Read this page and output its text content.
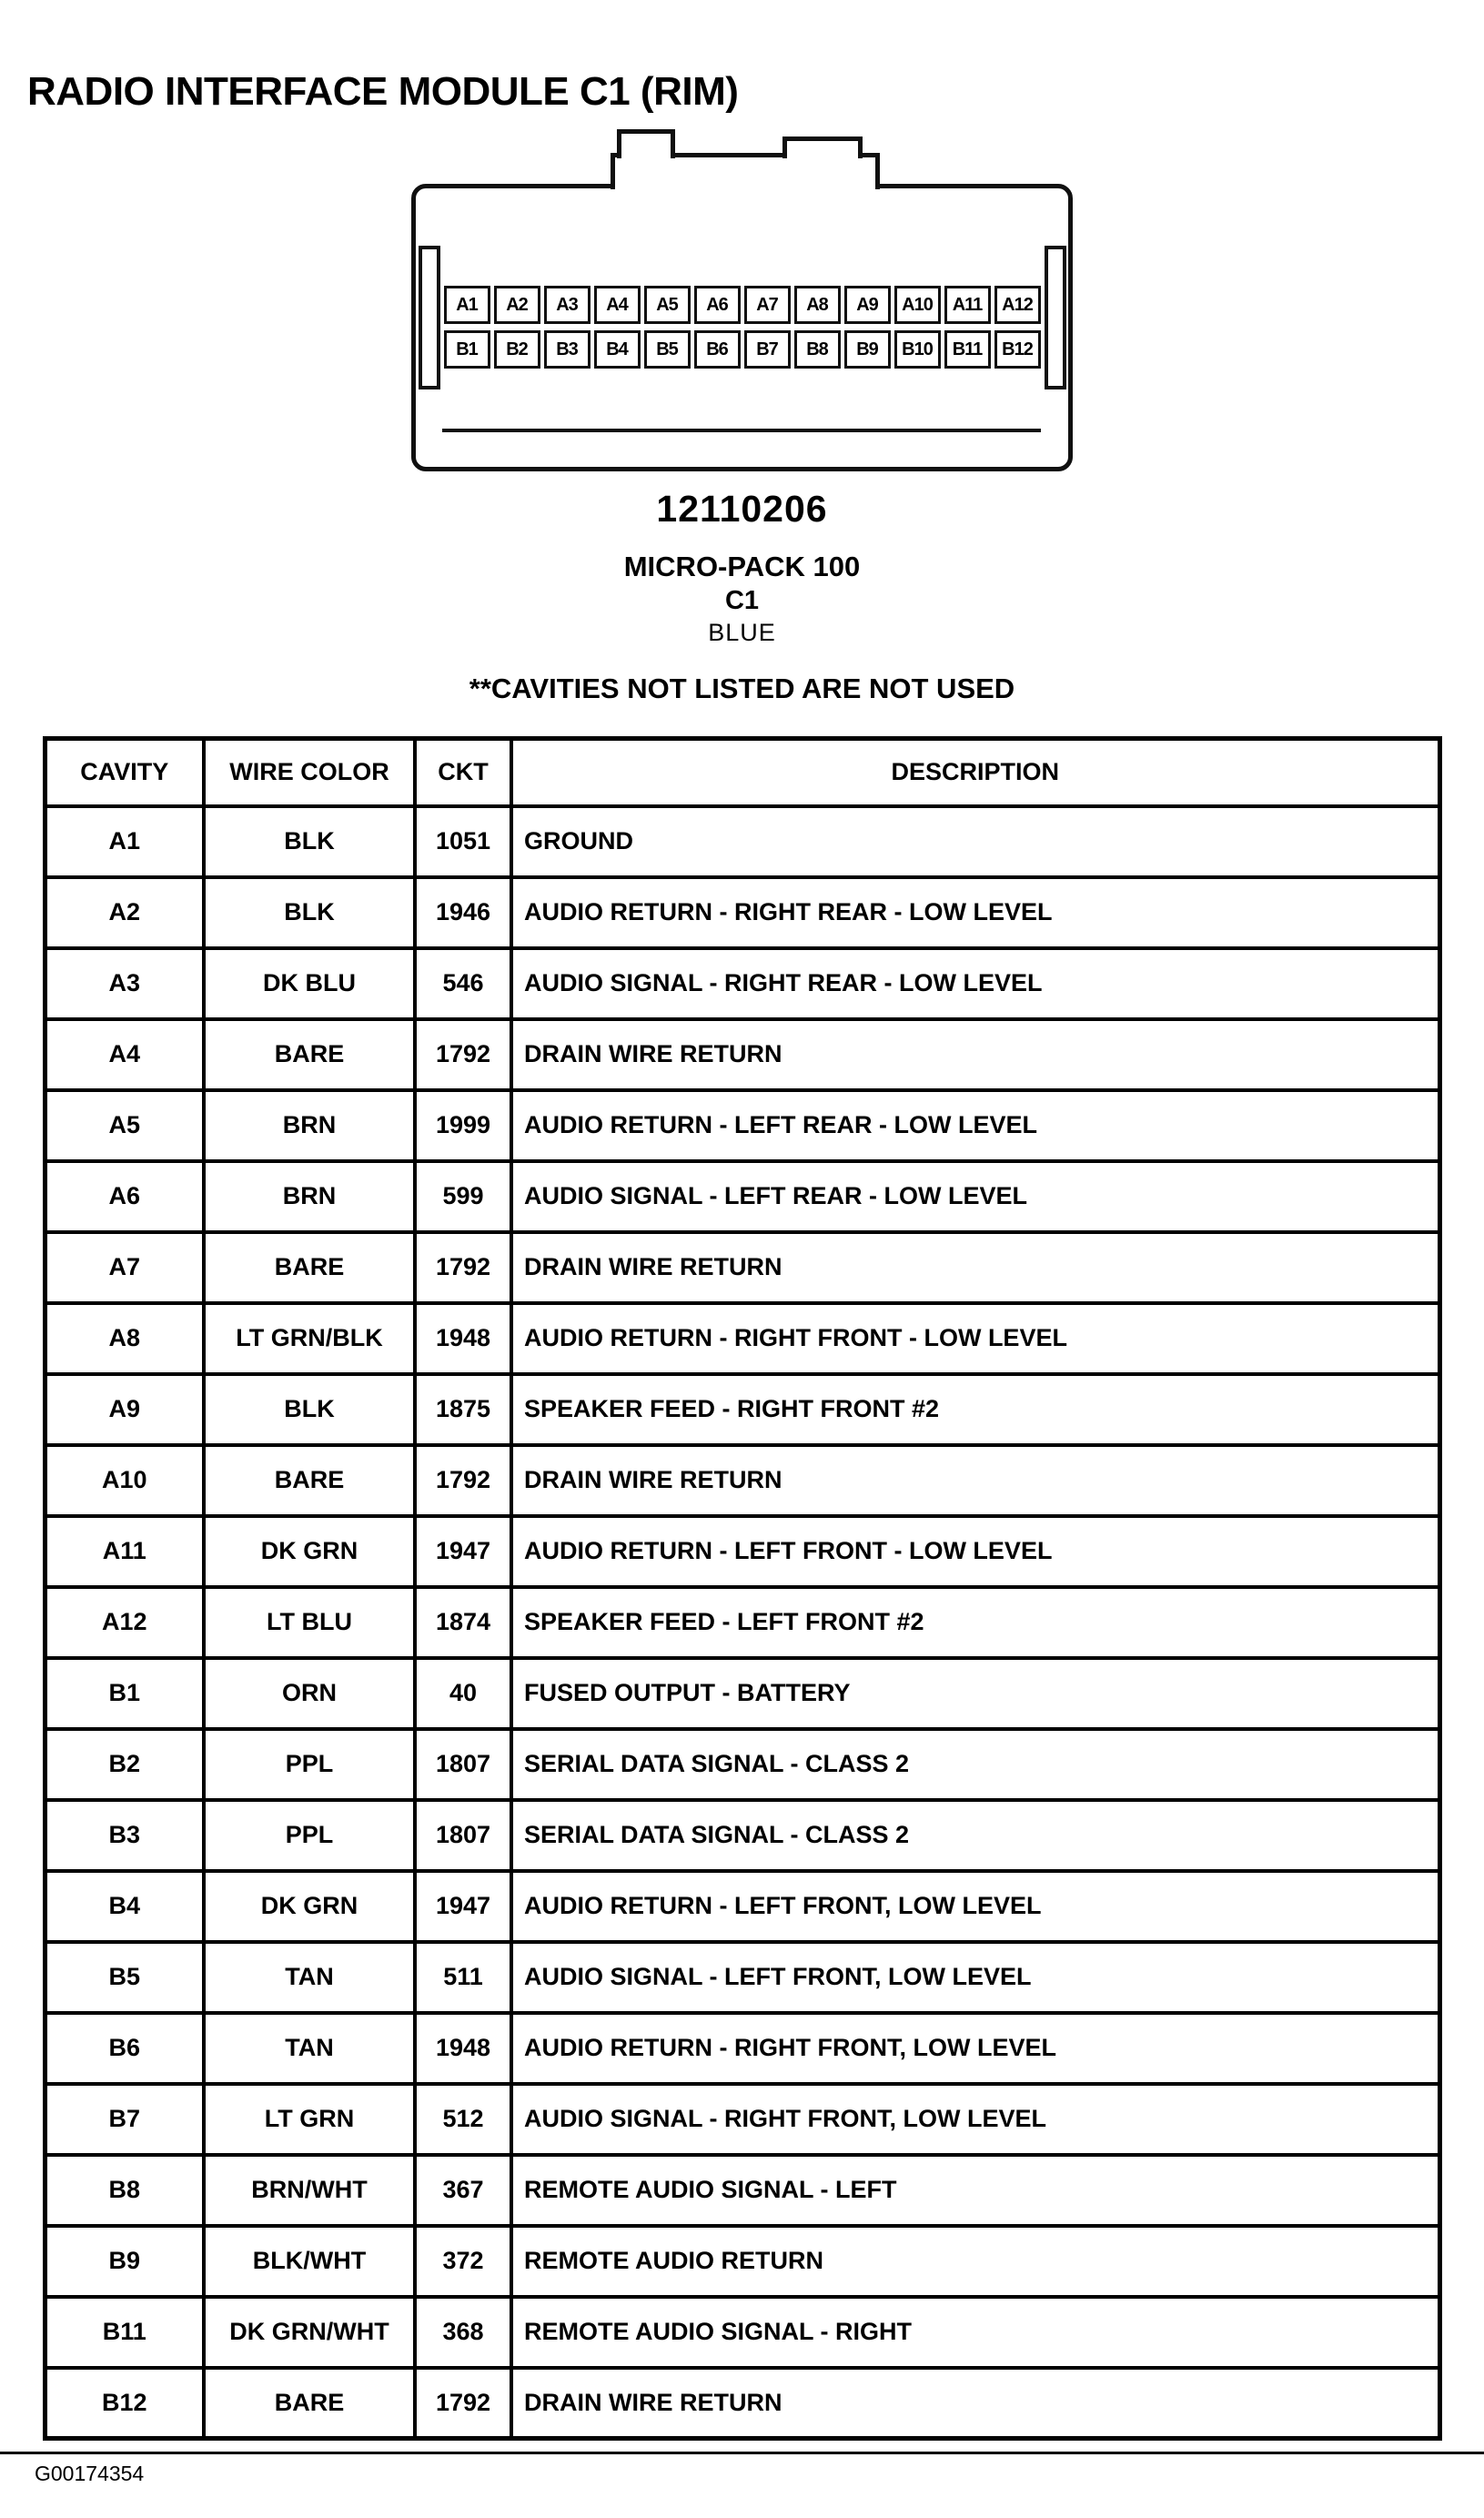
RADIO INTERFACE MODULE C1 (RIM)
A1	A2	A3	A4	A5	A6	A7	A8	A9	A10	A11	A12
B1	B2	B3	B4	B5	B6	B7	B8	B9	B10	B11	B12
12110206
MICRO-PACK 100
C1
BLUE
**CAVITIES NOT LISTED ARE NOT USED
CAVITY	WIRE COLOR	CKT	DESCRIPTION
A1	BLK	1051	GROUND
A2	BLK	1946	AUDIO RETURN - RIGHT REAR - LOW LEVEL
A3	DK BLU	546	AUDIO SIGNAL - RIGHT REAR - LOW LEVEL
A4	BARE	1792	DRAIN WIRE RETURN
A5	BRN	1999	AUDIO RETURN - LEFT REAR - LOW LEVEL
A6	BRN	599	AUDIO SIGNAL - LEFT REAR - LOW LEVEL
A7	BARE	1792	DRAIN WIRE RETURN
A8	LT GRN/BLK	1948	AUDIO RETURN - RIGHT FRONT - LOW LEVEL
A9	BLK	1875	SPEAKER FEED - RIGHT FRONT #2
A10	BARE	1792	DRAIN WIRE RETURN
A11	DK GRN	1947	AUDIO RETURN - LEFT FRONT - LOW LEVEL
A12	LT BLU	1874	SPEAKER FEED - LEFT FRONT #2
B1	ORN	40	FUSED OUTPUT - BATTERY
B2	PPL	1807	SERIAL DATA SIGNAL - CLASS 2
B3	PPL	1807	SERIAL DATA SIGNAL - CLASS 2
B4	DK GRN	1947	AUDIO RETURN - LEFT FRONT, LOW LEVEL
B5	TAN	511	AUDIO SIGNAL - LEFT FRONT, LOW LEVEL
B6	TAN	1948	AUDIO RETURN - RIGHT FRONT, LOW LEVEL
B7	LT GRN	512	AUDIO SIGNAL - RIGHT FRONT, LOW LEVEL
B8	BRN/WHT	367	REMOTE AUDIO SIGNAL - LEFT
B9	BLK/WHT	372	REMOTE AUDIO RETURN
B11	DK GRN/WHT	368	REMOTE AUDIO SIGNAL - RIGHT
B12	BARE	1792	DRAIN WIRE RETURN
G00174354
